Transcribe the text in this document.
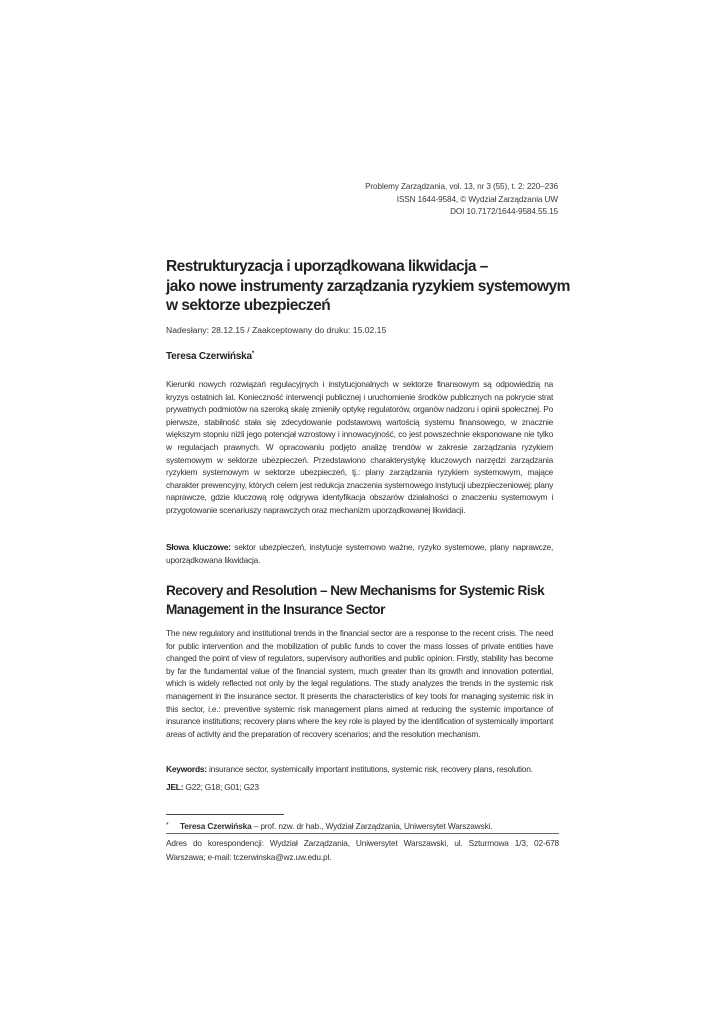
Problemy Zarządzania, vol. 13, nr 3 (55), t. 2: 220–236
ISSN 1644-9584, © Wydział Zarządzania UW
DOI 10.7172/1644-9584.55.15
Restrukturyzacja i uporządkowana likwidacja –
jako nowe instrumenty zarządzania ryzykiem systemowym
w sektorze ubezpieczeń
Nadesłany: 28.12.15 / Zaakceptowany do druku: 15.02.15
Teresa Czerwińska*

Kierunki nowych rozwiązań regulacyjnych i instytucjonalnych w sektorze finansowym są odpowiedzią na kryzys ostatnich lat. Konieczność interwencji publicznej i uruchomienie środków publicznych na pokrycie strat prywatnych podmiotów na szeroką skalę zmieniły optykę regulatorów, organów nadzoru i opinii społecznej. Po pierwsze, stabilność stała się zdecydowanie podstawową wartością systemu finansowego, w znacznie większym stopniu niżli jego potencjał wzrostowy i innowacyjność, co jest powszechnie eksponowane nie tylko w regulacjach prawnych. W opracowaniu podjęto analizę trendów w zakresie zarządzania ryzykiem systemowym w sektorze ubezpieczeń. Przedstawiono charakterystykę kluczowych narzędzi zarządzania ryzykiem systemowym w sektorze ubezpieczeń, tj.: plany zarządzania ryzykiem systemowym, mające charakter prewencyjny, których celem jest redukcja znaczenia systemowego instytucji ubezpieczeniowej; plany naprawcze, gdzie kluczową rolę odgrywa identyfikacja obszarów działalności o znaczeniu systemowym i przygotowanie scenariuszy naprawczych oraz mechanizm uporządkowanej likwidacji.

Słowa kluczowe: sektor ubezpieczeń, instytucje systemowo ważne, ryzyko systemowe, plany naprawcze, uporządkowana likwidacja.
Recovery and Resolution – New Mechanisms for Systemic Risk
Management in the Insurance Sector

The new regulatory and institutional trends in the financial sector are a response to the recent crisis. The need for public intervention and the mobilization of public funds to cover the mass losses of private entities have changed the point of view of regulators, supervisory authorities and public opinion. Firstly, stability has become by far the fundamental value of the financial system, much greater than its growth and innovation potential, which is widely reflected not only by the legal regulations. The study analyzes the trends in the systemic risk management in the insurance sector. It presents the characteristics of key tools for managing systemic risk in this sector, i.e.: preventive systemic risk management plans aimed at reducing the systemic importance of insurance institutions; recovery plans where the key role is played by the identification of systemically important areas of activity and the preparation of recovery scenarios; and the resolution mechanism.

Keywords: insurance sector, systemically important institutions, systemic risk, recovery plans, resolution.
JEL: G22; G18; G01; G23
* Teresa Czerwińska – prof. nzw. dr hab., Wydział Zarządzania, Uniwersytet Warszawski.
Adres do korespondencji: Wydział Zarządzania, Uniwersytet Warszawski, ul. Szturmowa 1/3, 02-678 Warszawa; e-mail: tczerwinska@wz.uw.edu.pl.
